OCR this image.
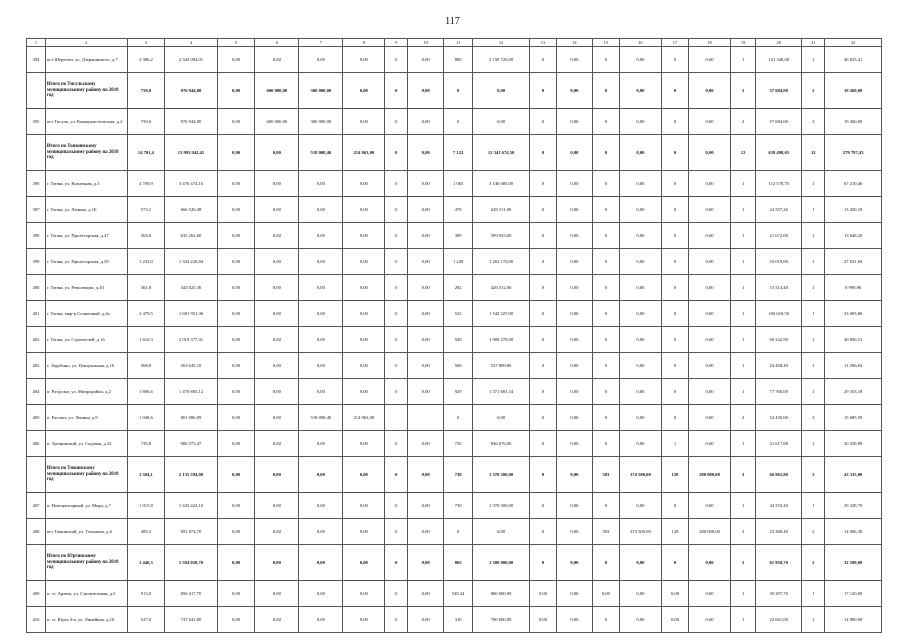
117
1	2	3	4	5	6	7	8	9	10	11	12	13	14	15	16	17	18	19	20	21	22
394	пгт Шерегеш, ул. Дзержинского, д.7	3 386,2	2 342 094,01	0,00	0,00	0,00	0,00	0	0,00	880	2 150 720,00	0	0,00	0	0,00	0	0,00	1	141 348,00	1	46 025,41
	Итого по Тисульскому муниципальному району на 2018 год	750,0	976 944,00	0,00	600 000,00	300 000,00	0,00	0	0,00	0	0,00	0	0,00	0	0,00	0	0,00	2	57 684,00	2	19 260,00
395	пгт Тисуль, ул. Коммунистическая, д.2	750,0	976 944,00	0,00	600 000,00	300 000,00	0,00	0	0,00	0	0,00	0	0,00	0	0,00	0	0,00	2	57 684,00	2	19 260,00
	Итого по Топкинскому муниципальному району на 2018 год	14 701,4	13 993 942,41	0,00	0,00	518 008,40	214 963,00	0	0,00	7 122	12 341 674,50	0	0,00	0	0,00	0	0,00	12	639 498,65	12	279 797,43
396	г. Топки, ул. Кузнецкая, д.3	4 709,9	3 476 474,16	0,00	0,00	0,00	0,00	0	0,00	1 065	3 146 685,00	0	0,00	0	0,00	0	0,00	1	112 578,70	1	67 210,46
397	г. Топки, ул. Ленина, д.1Б	573,1	666 520,48	0,00	0,00	0,00	0,00	0	0,00	470	628 511,00	0	0,00	0	0,00	0	0,00	1	24 557,26	1	13 450,18
398	г. Топки, ул. Пролетарская, д.47	504,0	635 262,00	0,00	0,00	0,00	0,00	0	0,00	389	599 943,00	0	0,00	0	0,00	0	0,00	1	21 672,00	1	13 648,20
399	г. Топки, ул. Пролетарская, д.59	1 233,0	1 343 220,84	0,00	0,00	0,00	0,00	0	0,00	1 249	1 263 170,00	0	0,00	0	0,00	0	0,00	1	53 019,00	1	27 031,84
400	г. Топки, ул. Революции, д.43	361,8	443 025,36	0,00	0,00	0,00	0,00	0	0,00	282	426 312,06	0	0,00	0	0,00	0	0,00	1	15 514,40	1	8 998,96
401	г. Топки, мкр-н Солнечный, д.4а	2 479,5	1 681 951,36	0,00	0,00	0,00	0,00	0	0,00	525	1 542 327,00	0	0,00	0	0,00	0	0,00	1	106 618,50	1	33 005,86
402	г. Топки, ул. Строителей, д.16	1 610,3	2 019 377,41	0,00	0,00	0,00	0,00	0	0,00	920	1 909 278,00	0	0,00	0	0,00	0	0,00	1	69 242,90	1	40 856,51
403	с. Зарубино, ул. Центральная, д.10	568,8	563 645,10	0,00	0,00	0,00	0,00	0	0,00	560	527 889,86	0	0,00	0	0,00	0	0,00	1	24 458,40	1	11 296,84
404	п. Раздолье, ул. Микрорайон, д.2	1 806,6	1 470 805,12	0,00	0,00	0,00	0,00	0	0,00	929	1 371 681,34	0	0,00	0	0,00	0	0,00	1	77 760,00	1	29 353,18
405	п. Рассвет, ул. Ленина, д.9	1 048,6	801 086,99	0,00	0,00	518 008,40	214 963,00			0	0,00	0	0,00	0	0,00	0	0,00	2	52 430,00	2	15 685,59
406	п. Трещинский, ул. Садовая, д.32	735,8	906 573,47	0,00	0,00	0,00	0,00	0	0,00	735	846 676,00	0	0,00	0	0,00	1	0,00	1	31 617,88	1	20 258,89
	Итого по Тяжинскому муниципальному району на 2018 год	1 504,1	2 135 294,00	0,00	0,00	0,00	0,00	0	0,00	730	1 370 500,00	0	0,00	393	374 500,00	128	280 000,00	3	66 961,80	3	43 335,00
407	п. Новоцентарный, ул. Мира, д.7	1 015,8	1 443 422,10	0,00	0,00	0,00	0,00	0	0,00	730	1 370 500,00	0	0,00	0	0,00	0	0,00	1	43 553,40	1	29 328,70
408	пгт Тяжинский, ул. Тельмана, д.6	489,3	691 874,70	0,00	0,00	0,00	0,00	0	0,00	0	0,00	0	0,00	393	374 500,00	128	280 000,00	2	23 368,40	2	14 006,30
	Итого по Юргинскому муниципальному району на 2018 год	1 440,3	1 594 058,70	0,00	0,00	0,00	0,00	0	0,00	865	1 500 000,00	0	0,00	0	0,00	0	0,00	2	61 958,70	2	32 100,00
409	п. ст. Арлюк, ул. Строительная, д.3	913,0	856 417,70	0,00	0,00	0,00	0,00	0	0,00	548,24	800 000,00	0,00	0,00	0,00	0,00	0,00	0,00	1	39 297,70	1	17 120,00
410	п. ст. Юрга 2-я, ул. Линейная, д.10	527,0	737 641,00	0,00	0,00	0,00	0,00	0	0,00	316	700 000,00	0,00	0,00	0	0,00	0,00	0,00	1	22 661,00	1	14 980,00
